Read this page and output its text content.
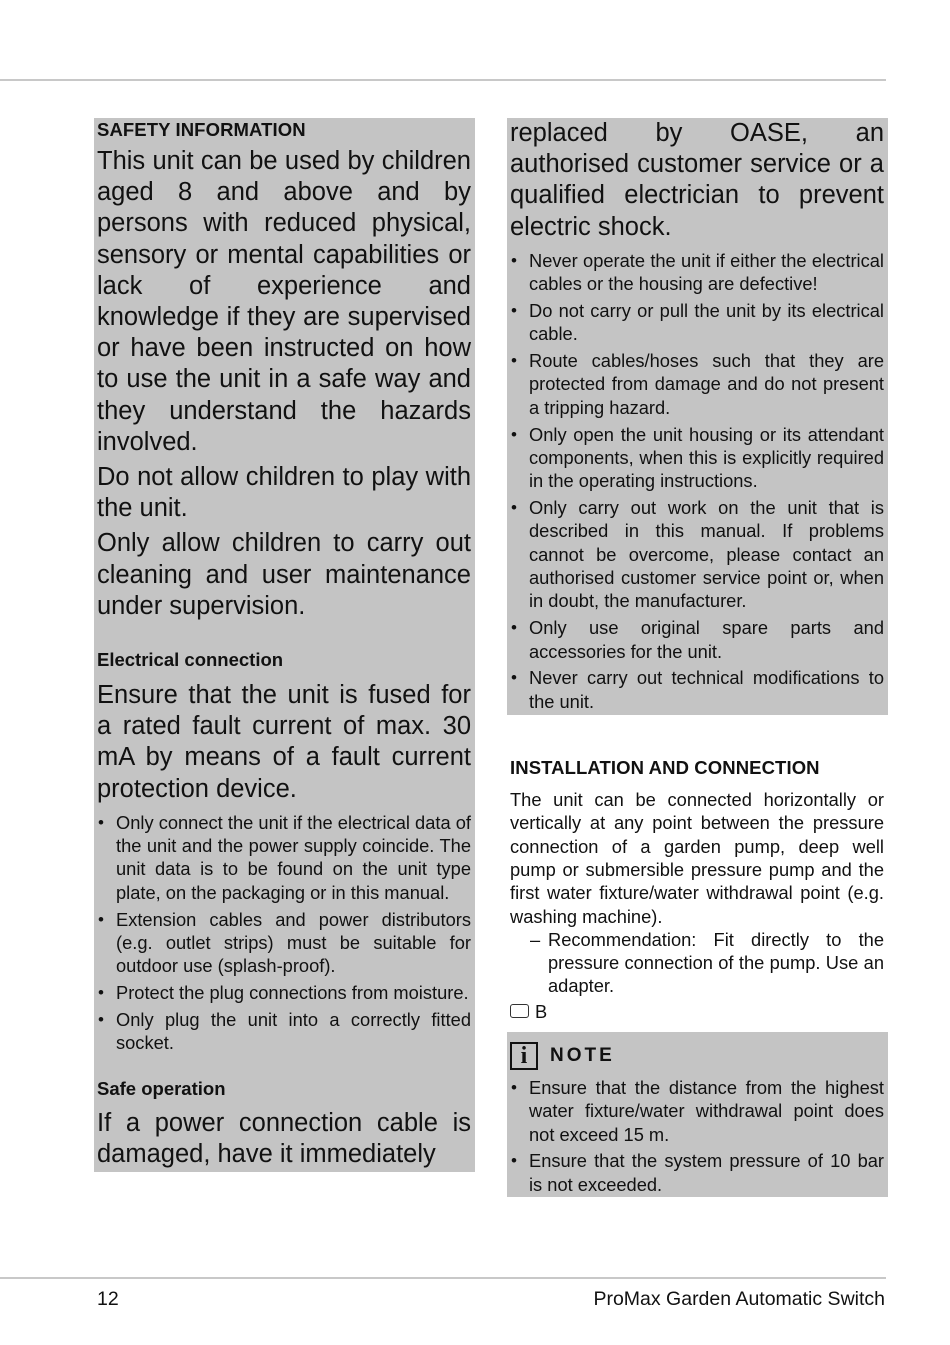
SAFETY INFORMATION

This unit can be used by children aged 8 and above and by persons with reduced physical, sensory or mental capabilities or lack of experience and knowledge if they are supervised or have been instructed on how to use the unit in a safe way and they understand the hazards involved.

Do not allow children to play with the unit.

Only allow children to carry out cleaning and user maintenance under supervision.

Electrical connection

Ensure that the unit is fused for a rated fault current of max. 30 mA by means of a fault current protection device.

• Only connect the unit if the electrical data of the unit and the power supply coincide. The unit data is to be found on the unit type plate, on the packaging or in this manual.
• Extension cables and power distributors (e.g. outlet strips) must be suitable for outdoor use (splash-proof).
• Protect the plug connections from moisture.
• Only plug the unit into a correctly fitted socket.

Safe operation

If a power connection cable is damaged, have it immediately

replaced by OASE, an authorised customer service or a qualified electrician to prevent electric shock.

• Never operate the unit if either the electrical cables or the housing are defective!
• Do not carry or pull the unit by its electrical cable.
• Route cables/hoses such that they are protected from damage and do not present a tripping hazard.
• Only open the unit housing or its attendant components, when this is explicitly required in the operating instructions.
• Only carry out work on the unit that is described in this manual. If problems cannot be overcome, please contact an authorised customer service point or, when in doubt, the manufacturer.
• Only use original spare parts and accessories for the unit.
• Never carry out technical modifications to the unit.

INSTALLATION AND CONNECTION

The unit can be connected horizontally or vertically at any point between the pressure connection of a garden pump, deep well pump or submersible pressure pump and the first water fixture/water withdrawal point (e.g. washing machine).

– Recommendation: Fit directly to the pressure connection of the pump. Use an adapter.
B
i	NOTE
• Ensure that the distance from the highest water fixture/water withdrawal point does not exceed 15 m.
• Ensure that the system pressure of 10 bar is not exceeded.
12	ProMax Garden Automatic Switch
